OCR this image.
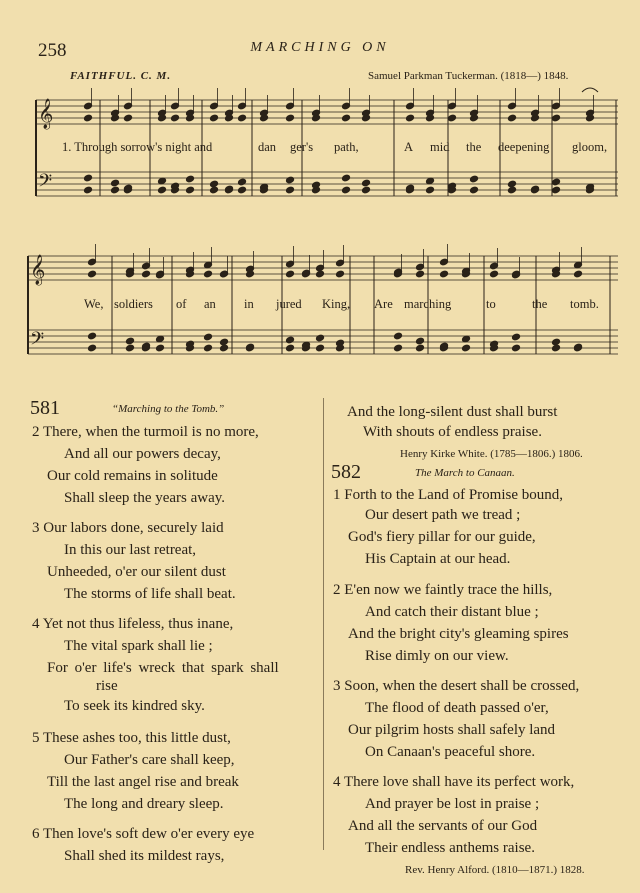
258	MARCHING ON
FAITHFUL. C. M.	Samuel Parkman Tuckerman. (1818—) 1848.
𝄞
𝄢
𝄞
𝄢
1. Through sorrow's night and	dan ger's path,	A mid the deepening gloom,
We, soldiers of an in jured King, Are marching	to	the tomb.
581	“Marching to the Tomb.”
2 There, when the turmoil is no more,
And all our powers decay,
Our cold remains in solitude
Shall sleep the years away.
3 Our labors done, securely laid
In this our last retreat,
Unheeded, o'er our silent dust
The storms of life shall beat.
4 Yet not thus lifeless, thus inane,
The vital spark shall lie ;
For o'er life's wreck that spark shall
rise
To seek its kindred sky.
5 These ashes too, this little dust,
Our Father's care shall keep,
Till the last angel rise and break
The long and dreary sleep.
6 Then love's soft dew o'er every eye
Shall shed its mildest rays,
And the long-silent dust shall burst
With shouts of endless praise.
Henry Kirke White. (1785—1806.) 1806.
582	The March to Canaan.
1 Forth to the Land of Promise bound,
Our desert path we tread ;
God's fiery pillar for our guide,
His Captain at our head.
2 E'en now we faintly trace the hills,
And catch their distant blue ;
And the bright city's gleaming spires
Rise dimly on our view.
3 Soon, when the desert shall be crossed,
The flood of death passed o'er,
Our pilgrim hosts shall safely land
On Canaan's peaceful shore.
4 There love shall have its perfect work,
And prayer be lost in praise ;
And all the servants of our God
Their endless anthems raise.
Rev. Henry Alford. (1810—1871.) 1828.
